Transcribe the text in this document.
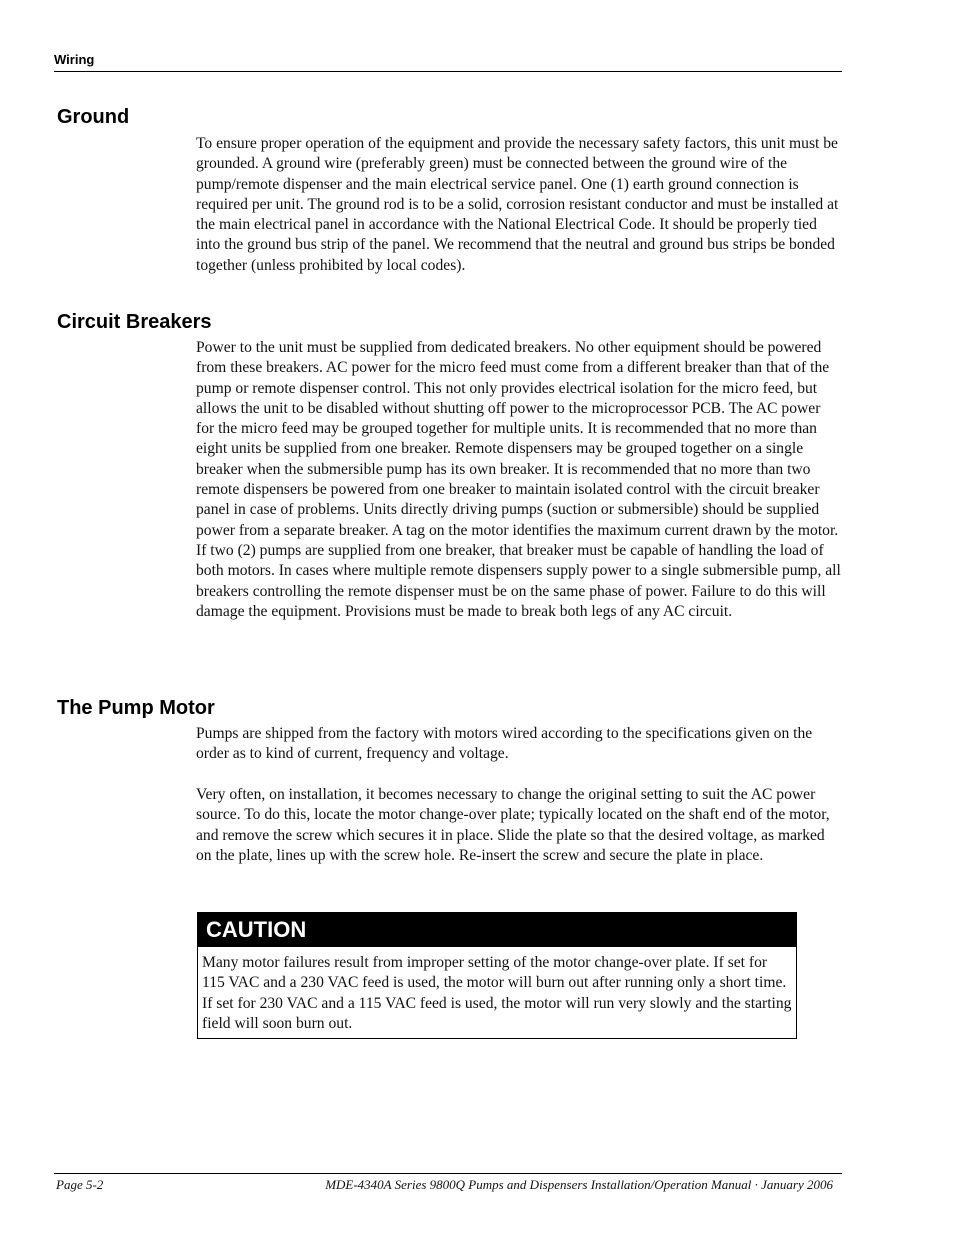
Wiring
Ground

To ensure proper operation of the equipment and provide the necessary safety factors, this unit must be grounded. A ground wire (preferably green) must be connected between the ground wire of the pump/remote dispenser and the main electrical service panel. One (1) earth ground connection is required per unit. The ground rod is to be a solid, corrosion resistant conductor and must be installed at the main electrical panel in accordance with the National Electrical Code. It should be properly tied into the ground bus strip of the panel. We recommend that the neutral and ground bus strips be bonded together (unless prohibited by local codes).

Circuit Breakers

Power to the unit must be supplied from dedicated breakers. No other equipment should be powered from these breakers. AC power for the micro feed must come from a different breaker than that of the pump or remote dispenser control. This not only provides electrical isolation for the micro feed, but allows the unit to be disabled without shutting off power to the microprocessor PCB. The AC power for the micro feed may be grouped together for multiple units. It is recommended that no more than eight units be supplied from one breaker. Remote dispensers may be grouped together on a single breaker when the submersible pump has its own breaker. It is recommended that no more than two remote dispensers be powered from one breaker to maintain isolated control with the circuit breaker panel in case of problems. Units directly driving pumps (suction or submersible) should be supplied power from a separate breaker. A tag on the motor identifies the maximum current drawn by the motor. If two (2) pumps are supplied from one breaker, that breaker must be capable of handling the load of both motors. In cases where multiple remote dispensers supply power to a single submersible pump, all breakers controlling the remote dispenser must be on the same phase of power. Failure to do this will damage the equipment. Provisions must be made to break both legs of any AC circuit.

The Pump Motor

Pumps are shipped from the factory with motors wired according to the specifications given on the order as to kind of current, frequency and voltage.

Very often, on installation, it becomes necessary to change the original setting to suit the AC power source. To do this, locate the motor change-over plate; typically located on the shaft end of the motor, and remove the screw which secures it in place. Slide the plate so that the desired voltage, as marked on the plate, lines up with the screw hole. Re-insert the screw and secure the plate in place.

CAUTION

Many motor failures result from improper setting of the motor change-over plate. If set for 115 VAC and a 230 VAC feed is used, the motor will burn out after running only a short time. If set for 230 VAC and a 115 VAC feed is used, the motor will run very slowly and the starting field will soon burn out.

Page 5-2	MDE-4340A Series 9800Q Pumps and Dispensers Installation/Operation Manual · January 2006
